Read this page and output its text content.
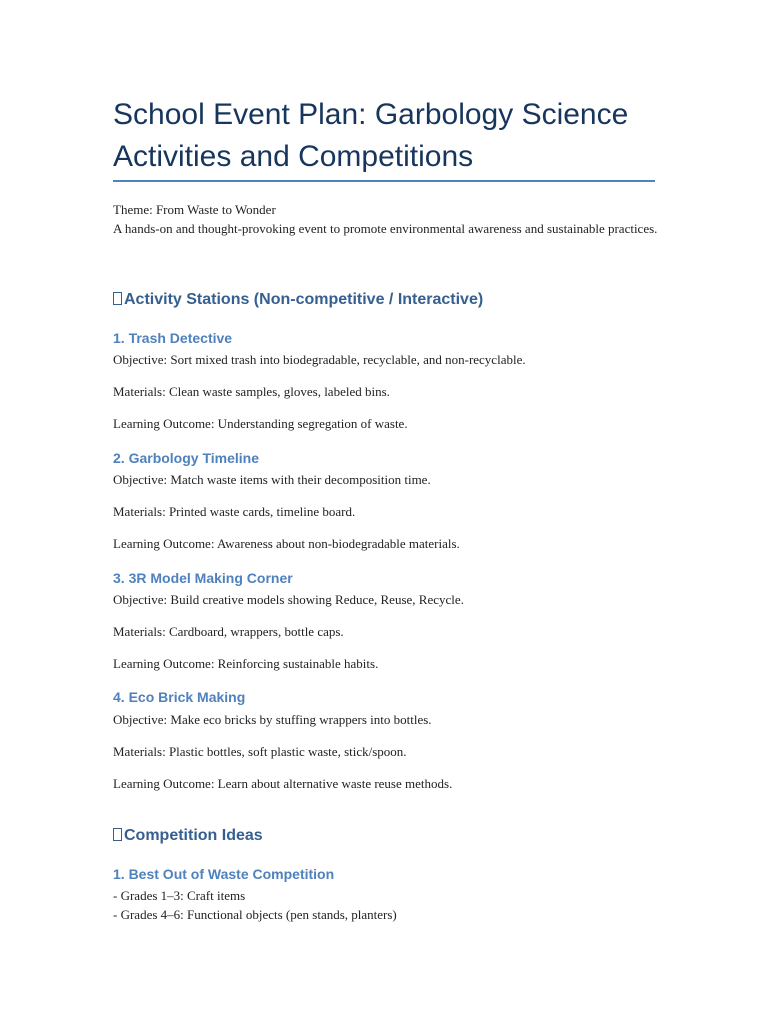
School Event Plan: Garbology Science Activities and Competitions
Theme: From Waste to Wonder
A hands-on and thought-provoking event to promote environmental awareness and sustainable practices.
Activity Stations (Non-competitive / Interactive)
1. Trash Detective
Objective: Sort mixed trash into biodegradable, recyclable, and non-recyclable.
Materials: Clean waste samples, gloves, labeled bins.
Learning Outcome: Understanding segregation of waste.
2. Garbology Timeline
Objective: Match waste items with their decomposition time.
Materials: Printed waste cards, timeline board.
Learning Outcome: Awareness about non-biodegradable materials.
3. 3R Model Making Corner
Objective: Build creative models showing Reduce, Reuse, Recycle.
Materials: Cardboard, wrappers, bottle caps.
Learning Outcome: Reinforcing sustainable habits.
4. Eco Brick Making
Objective: Make eco bricks by stuffing wrappers into bottles.
Materials: Plastic bottles, soft plastic waste, stick/spoon.
Learning Outcome: Learn about alternative waste reuse methods.
Competition Ideas
1. Best Out of Waste Competition
- Grades 1–3: Craft items
- Grades 4–6: Functional objects (pen stands, planters)
